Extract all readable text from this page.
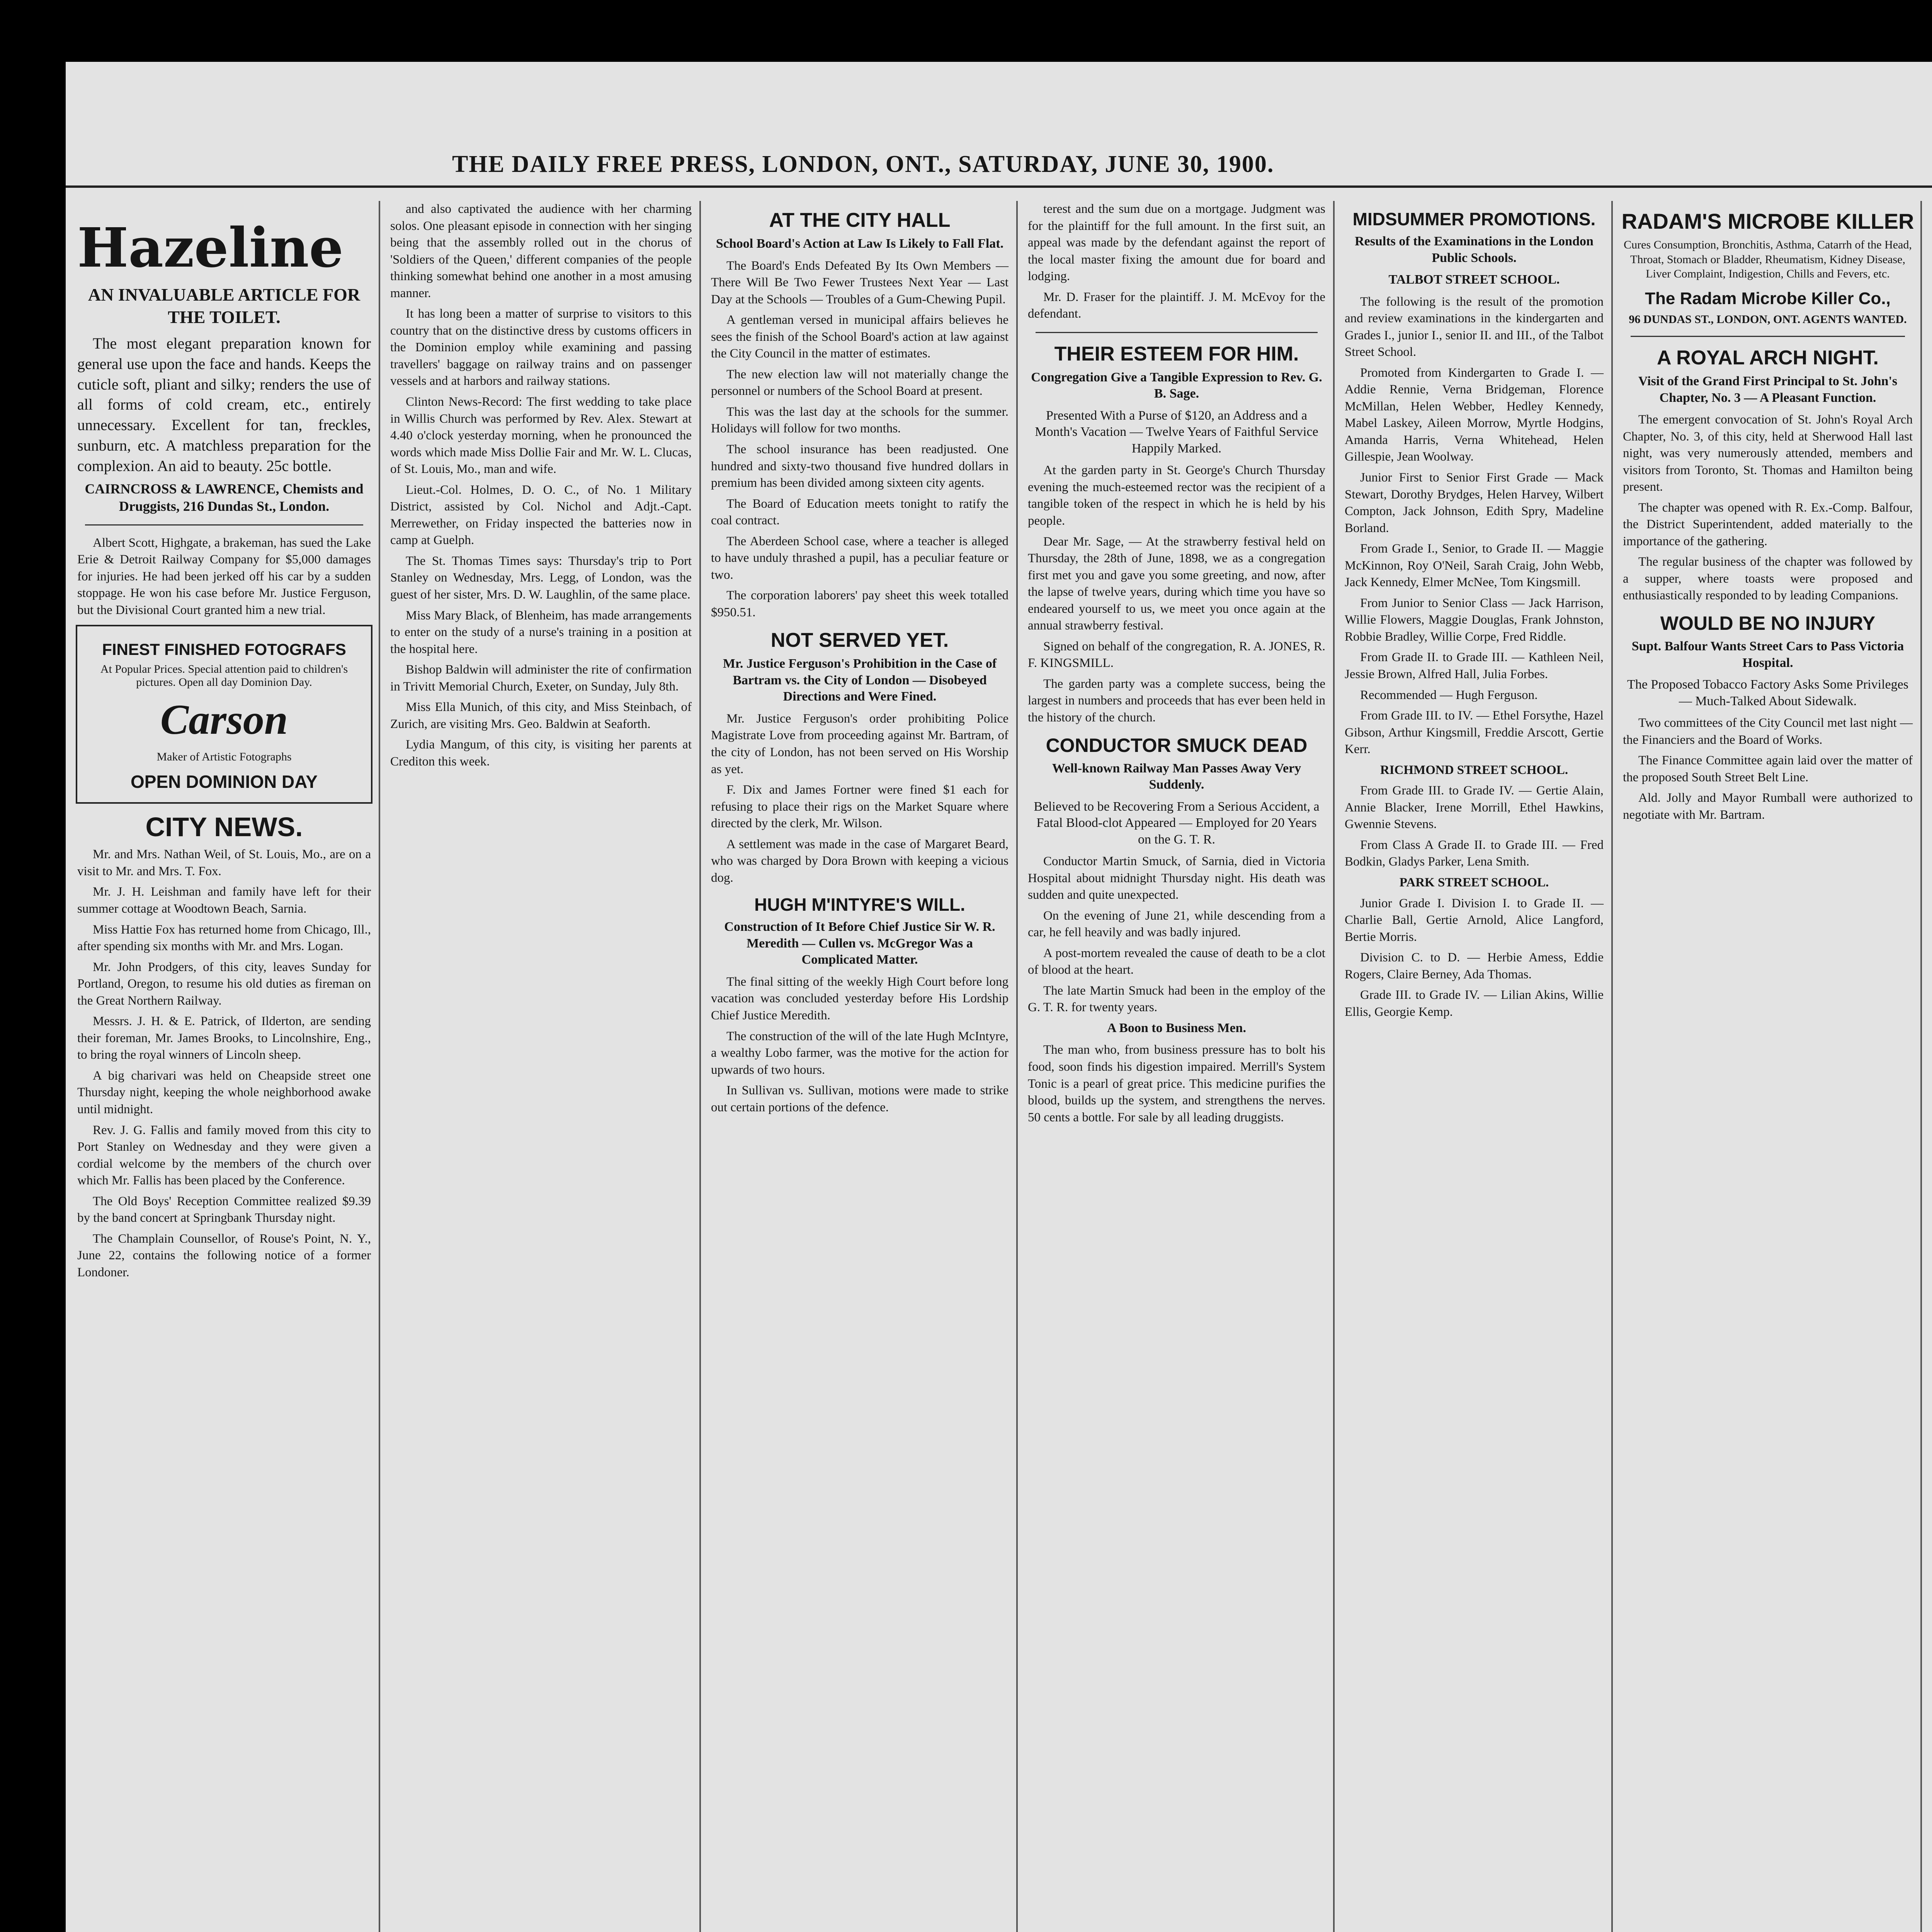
THE DAILY FREE PRESS, LONDON, ONT., SATURDAY, JUNE 30, 1900.
Hazeline
AN INVALUABLE ARTICLE FOR THE TOILET.

The most elegant preparation known for general use upon the face and hands. Keeps the cuticle soft, pliant and silky; renders the use of all forms of cold cream, etc., entirely unnecessary. Excellent for tan, freckles, sunburn, etc. A matchless preparation for the complexion. An aid to beauty. 25c bottle.

CAIRNCROSS & LAWRENCE, Chemists and Druggists, 216 Dundas St., London.

Albert Scott, Highgate, a brakeman, has sued the Lake Erie & Detroit Railway Company for $5,000 damages for injuries. He had been jerked off his car by a sudden stoppage. He won his case before Mr. Justice Ferguson, but the Divisional Court granted him a new trial.

FINEST FINISHED FOTOGRAFS
At Popular Prices. Special attention paid to children's pictures. Open all day Dominion Day.
Carson
Maker of Artistic Fotographs
OPEN DOMINION DAY
CITY NEWS.

Mr. and Mrs. Nathan Weil, of St. Louis, Mo., are on a visit to Mr. and Mrs. T. Fox.

Mr. J. H. Leishman and family have left for their summer cottage at Woodtown Beach, Sarnia.

Miss Hattie Fox has returned home from Chicago, Ill., after spending six months with Mr. and Mrs. Logan.

Mr. John Prodgers, of this city, leaves Sunday for Portland, Oregon, to resume his old duties as fireman on the Great Northern Railway.

Messrs. J. H. & E. Patrick, of Ilderton, are sending their foreman, Mr. James Brooks, to Lincolnshire, Eng., to bring the royal winners of Lincoln sheep.

A big charivari was held on Cheapside street one Thursday night, keeping the whole neighborhood awake until midnight.

Rev. J. G. Fallis and family moved from this city to Port Stanley on Wednesday and they were given a cordial welcome by the members of the church over which Mr. Fallis has been placed by the Conference.

The Old Boys' Reception Committee realized $9.39 by the band concert at Springbank Thursday night.

The Champlain Counsellor, of Rouse's Point, N. Y., June 22, contains the following notice of a former Londoner.

and also captivated the audience with her charming solos. One pleasant episode in connection with her singing being that the assembly rolled out in the chorus of 'Soldiers of the Queen,' different companies of the people thinking somewhat behind one another in a most amusing manner.

It has long been a matter of surprise to visitors to this country that on the distinctive dress by customs officers in the Dominion employ while examining and passing travellers' baggage on railway trains and on passenger vessels and at harbors and railway stations.

Clinton News-Record: The first wedding to take place in Willis Church was performed by Rev. Alex. Stewart at 4.40 o'clock yesterday morning, when he pronounced the words which made Miss Dollie Fair and Mr. W. L. Clucas, of St. Louis, Mo., man and wife.

Lieut.-Col. Holmes, D. O. C., of No. 1 Military District, assisted by Col. Nichol and Adjt.-Capt. Merrewether, on Friday inspected the batteries now in camp at Guelph.

The St. Thomas Times says: Thursday's trip to Port Stanley on Wednesday, Mrs. Legg, of London, was the guest of her sister, Mrs. D. W. Laughlin, of the same place.

Miss Mary Black, of Blenheim, has made arrangements to enter on the study of a nurse's training in a position at the hospital here.

Bishop Baldwin will administer the rite of confirmation in Trivitt Memorial Church, Exeter, on Sunday, July 8th.

Miss Ella Munich, of this city, and Miss Steinbach, of Zurich, are visiting Mrs. Geo. Baldwin at Seaforth.

Lydia Mangum, of this city, is visiting her parents at Crediton this week.

AT THE CITY HALL
School Board's Action at Law Is Likely to Fall Flat.

The Board's Ends Defeated By Its Own Members — There Will Be Two Fewer Trustees Next Year — Last Day at the Schools — Troubles of a Gum-Chewing Pupil.

A gentleman versed in municipal affairs believes he sees the finish of the School Board's action at law against the City Council in the matter of estimates.

The new election law will not materially change the personnel or numbers of the School Board at present.

This was the last day at the schools for the summer. Holidays will follow for two months.

The school insurance has been readjusted. One hundred and sixty-two thousand five hundred dollars in premium has been divided among sixteen city agents.

The Board of Education meets tonight to ratify the coal contract.

The Aberdeen School case, where a teacher is alleged to have unduly thrashed a pupil, has a peculiar feature or two.

The corporation laborers' pay sheet this week totalled $950.51.

NOT SERVED YET.
Mr. Justice Ferguson's Prohibition in the Case of Bartram vs. the City of London — Disobeyed Directions and Were Fined.

Mr. Justice Ferguson's order prohibiting Police Magistrate Love from proceeding against Mr. Bartram, of the city of London, has not been served on His Worship as yet.

F. Dix and James Fortner were fined $1 each for refusing to place their rigs on the Market Square where directed by the clerk, Mr. Wilson.

A settlement was made in the case of Margaret Beard, who was charged by Dora Brown with keeping a vicious dog.

HUGH M'INTYRE'S WILL.
Construction of It Before Chief Justice Sir W. R. Meredith — Cullen vs. McGregor Was a Complicated Matter.

The final sitting of the weekly High Court before long vacation was concluded yesterday before His Lordship Chief Justice Meredith.

The construction of the will of the late Hugh McIntyre, a wealthy Lobo farmer, was the motive for the action for upwards of two hours.

In Sullivan vs. Sullivan, motions were made to strike out certain portions of the defence.

terest and the sum due on a mortgage. Judgment was for the plaintiff for the full amount. In the first suit, an appeal was made by the defendant against the report of the local master fixing the amount due for board and lodging.

Mr. D. Fraser for the plaintiff. J. M. McEvoy for the defendant.

THEIR ESTEEM FOR HIM.
Congregation Give a Tangible Expression to Rev. G. B. Sage.
Presented With a Purse of $120, an Address and a Month's Vacation — Twelve Years of Faithful Service Happily Marked.

At the garden party in St. George's Church Thursday evening the much-esteemed rector was the recipient of a tangible token of the respect in which he is held by his people.

Dear Mr. Sage, — At the strawberry festival held on Thursday, the 28th of June, 1898, we as a congregation first met you and gave you some greeting, and now, after the lapse of twelve years, during which time you have so endeared yourself to us, we meet you once again at the annual strawberry festival.

Signed on behalf of the congregation, R. A. JONES, R. F. KINGSMILL.

The garden party was a complete success, being the largest in numbers and proceeds that has ever been held in the history of the church.

CONDUCTOR SMUCK DEAD
Well-known Railway Man Passes Away Very Suddenly.
Believed to be Recovering From a Serious Accident, a Fatal Blood-clot Appeared — Employed for 20 Years on the G. T. R.

Conductor Martin Smuck, of Sarnia, died in Victoria Hospital about midnight Thursday night. His death was sudden and quite unexpected.

On the evening of June 21, while descending from a car, he fell heavily and was badly injured.

A post-mortem revealed the cause of death to be a clot of blood at the heart.

The late Martin Smuck had been in the employ of the G. T. R. for twenty years.

A Boon to Business Men.

The man who, from business pressure has to bolt his food, soon finds his digestion impaired. Merrill's System Tonic is a pearl of great price. This medicine purifies the blood, builds up the system, and strengthens the nerves. 50 cents a bottle. For sale by all leading druggists.

MIDSUMMER PROMOTIONS.
Results of the Examinations in the London Public Schools.
TALBOT STREET SCHOOL.

The following is the result of the promotion and review examinations in the kindergarten and Grades I., junior I., senior II. and III., of the Talbot Street School.

Promoted from Kindergarten to Grade I. — Addie Rennie, Verna Bridgeman, Florence McMillan, Helen Webber, Hedley Kennedy, Mabel Laskey, Aileen Morrow, Myrtle Hodgins, Amanda Harris, Verna Whitehead, Helen Gillespie, Jean Woolway.

Junior First to Senior First Grade — Mack Stewart, Dorothy Brydges, Helen Harvey, Wilbert Compton, Jack Johnson, Edith Spry, Madeline Borland.

From Grade I., Senior, to Grade II. — Maggie McKinnon, Roy O'Neil, Sarah Craig, John Webb, Jack Kennedy, Elmer McNee, Tom Kingsmill.

From Junior to Senior Class — Jack Harrison, Willie Flowers, Maggie Douglas, Frank Johnston, Robbie Bradley, Willie Corpe, Fred Riddle.

From Grade II. to Grade III. — Kathleen Neil, Jessie Brown, Alfred Hall, Julia Forbes.

Recommended — Hugh Ferguson.

From Grade III. to IV. — Ethel Forsythe, Hazel Gibson, Arthur Kingsmill, Freddie Arscott, Gertie Kerr.

RICHMOND STREET SCHOOL.

From Grade III. to Grade IV. — Gertie Alain, Annie Blacker, Irene Morrill, Ethel Hawkins, Gwennie Stevens.

From Class A Grade II. to Grade III. — Fred Bodkin, Gladys Parker, Lena Smith.

PARK STREET SCHOOL.

Junior Grade I. Division I. to Grade II. — Charlie Ball, Gertie Arnold, Alice Langford, Bertie Morris.

Division C. to D. — Herbie Amess, Eddie Rogers, Claire Berney, Ada Thomas.

Grade III. to Grade IV. — Lilian Akins, Willie Ellis, Georgie Kemp.

RADAM'S MICROBE KILLER
Cures Consumption, Bronchitis, Asthma, Catarrh of the Head, Throat, Stomach or Bladder, Rheumatism, Kidney Disease, Liver Complaint, Indigestion, Chills and Fevers, etc.
The Radam Microbe Killer Co.,
96 DUNDAS ST., LONDON, ONT. AGENTS WANTED.
A ROYAL ARCH NIGHT.
Visit of the Grand First Principal to St. John's Chapter, No. 3 — A Pleasant Function.

The emergent convocation of St. John's Royal Arch Chapter, No. 3, of this city, held at Sherwood Hall last night, was very numerously attended, members and visitors from Toronto, St. Thomas and Hamilton being present.

The chapter was opened with R. Ex.-Comp. Balfour, the District Superintendent, added materially to the importance of the gathering.

The regular business of the chapter was followed by a supper, where toasts were proposed and enthusiastically responded to by leading Companions.

WOULD BE NO INJURY
Supt. Balfour Wants Street Cars to Pass Victoria Hospital.
The Proposed Tobacco Factory Asks Some Privileges — Much-Talked About Sidewalk.

Two committees of the City Council met last night — the Financiers and the Board of Works.

The Finance Committee again laid over the matter of the proposed South Street Belt Line.

Ald. Jolly and Mayor Rumball were authorized to negotiate with Mr. Bartram.
